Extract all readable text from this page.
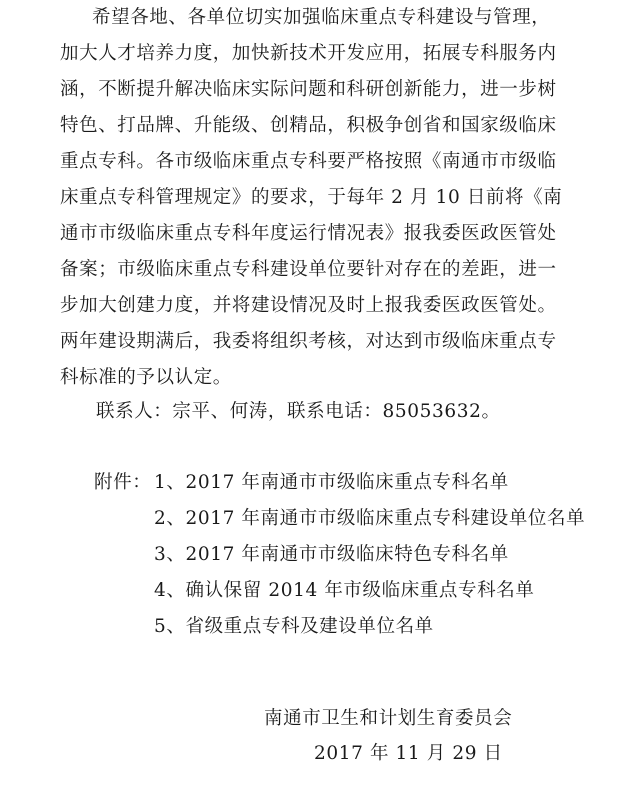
希望各地、各单位切实加强临床重点专科建设与管理，
加大人才培养力度，加快新技术开发应用，拓展专科服务内
涵，不断提升解决临床实际问题和科研创新能力，进一步树
特色、打品牌、升能级、创精品，积极争创省和国家级临床
重点专科。各市级临床重点专科要严格按照《南通市市级临
床重点专科管理规定》的要求，于每年 2 月 10 日前将《南
通市市级临床重点专科年度运行情况表》报我委医政医管处
备案；市级临床重点专科建设单位要针对存在的差距，进一
步加大创建力度，并将建设情况及时上报我委医政医管处。
两年建设期满后，我委将组织考核，对达到市级临床重点专
科标准的予以认定。
联系人：宗平、何涛，联系电话：85053632。
附件： 1、2017 年南通市市级临床重点专科名单
2、2017 年南通市市级临床重点专科建设单位名单
3、2017 年南通市市级临床特色专科名单
4、确认保留 2014 年市级临床重点专科名单
5、省级重点专科及建设单位名单
南通市卫生和计划生育委员会
2017 年 11 月 29 日
